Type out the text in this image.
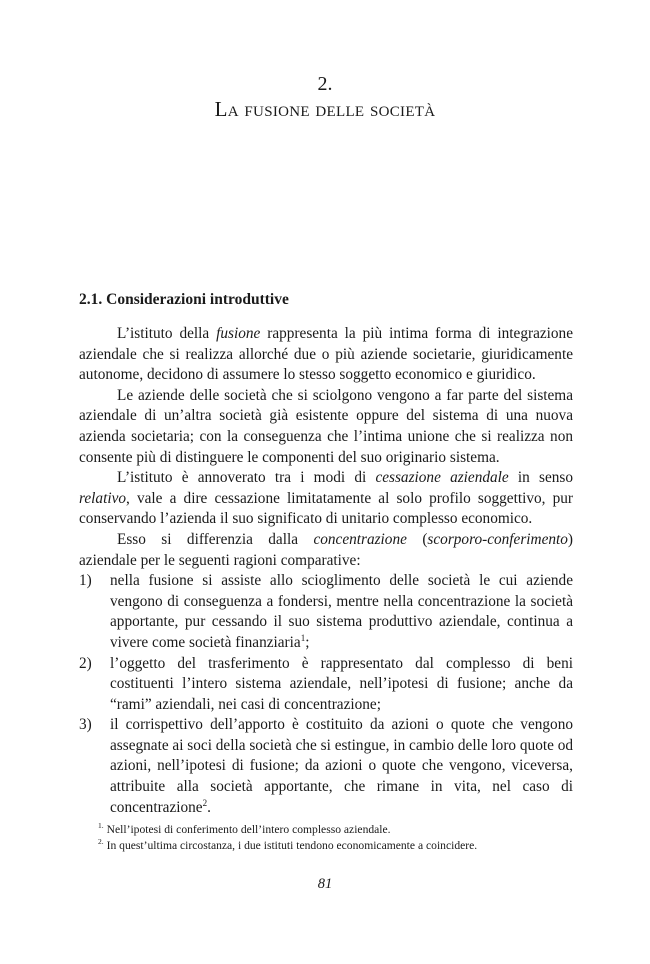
2.
La fusione delle società
2.1. Considerazioni introduttive

L’istituto della fusione rappresenta la più intima forma di integrazione aziendale che si realizza allorché due o più aziende societarie, giuridicamente autonome, decidono di assumere lo stesso soggetto economico e giuridico.

Le aziende delle società che si sciolgono vengono a far parte del sistema aziendale di un’altra società già esistente oppure del sistema di una nuova azienda societaria; con la conseguenza che l’intima unione che si realizza non consente più di distinguere le componenti del suo originario sistema.

L’istituto è annoverato tra i modi di cessazione aziendale in senso relativo, vale a dire cessazione limitatamente al solo profilo soggettivo, pur conservando l’azienda il suo significato di unitario complesso economico.

Esso si differenzia dalla concentrazione (scorporo-conferimento) aziendale per le seguenti ragioni comparative:

1) nella fusione si assiste allo scioglimento delle società le cui aziende vengono di conseguenza a fondersi, mentre nella concentrazione la società apportante, pur cessando il suo sistema produttivo aziendale, continua a vivere come società finanziaria$^1$;
2) l’oggetto del trasferimento è rappresentato dal complesso di beni costituenti l’intero sistema aziendale, nell’ipotesi di fusione; anche da “rami” aziendali, nei casi di concentrazione;
3) il corrispettivo dell’apporto è costituito da azioni o quote che vengono assegnate ai soci della società che si estingue, in cambio delle loro quote od azioni, nell’ipotesi di fusione; da azioni o quote che vengono, viceversa, attribuite alla società apportante, che rimane in vita, nel caso di concentrazione$^2$.

$^{1.}$ Nell’ipotesi di conferimento dell’intero complesso aziendale.

$^{2.}$ In quest’ultima circostanza, i due istituti tendono economicamente a coincidere.

81
